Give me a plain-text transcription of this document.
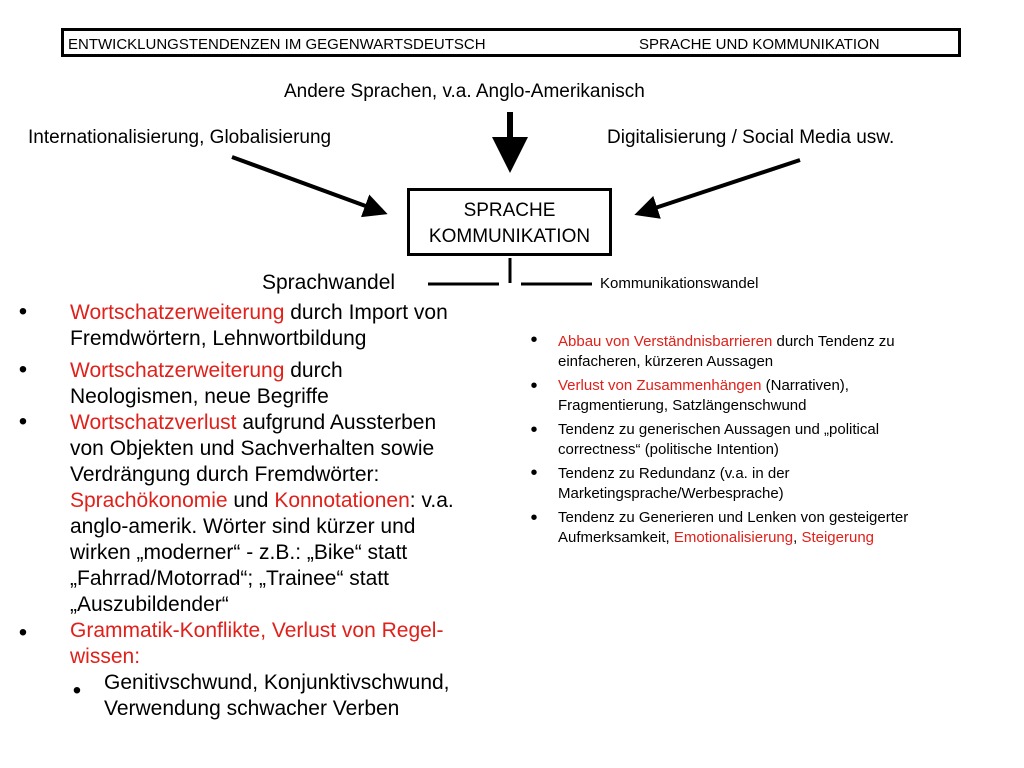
ENTWICKLUNGSTENDENZEN IM GEGENWARTSDEUTSCH	SPRACHE UND KOMMUNIKATION
Andere Sprachen, v.a. Anglo-Amerikanisch
Internationalisierung, Globalisierung	Digitalisierung / Social Media usw.
SPRACHE
KOMMUNIKATION
Sprachwandel
•
•
•
•
•
Wortschatzerweiterung durch Import von
Fremdwörtern, Lehnwortbildung
Wortschatzerweiterung durch
Neologismen, neue Begriffe
Wortschatzverlust aufgrund Aussterben
von Objekten und Sachverhalten sowie
Verdrängung durch Fremdwörter:
Sprachökonomie und Konnotationen: v.a.
anglo-amerik. Wörter sind kürzer und
wirken „moderner“ - z.B.: „Bike“ statt
„Fahrrad/Motorrad“; „Trainee“ statt
„Auszubildender“
Grammatik-Konflikte, Verlust von Regel-
wissen:
Genitivschwund, Konjunktivschwund,
Verwendung schwacher Verben
Kommunikationswandel
•
•
•
•
•
Abbau von Verständnisbarrieren durch Tendenz zu
einfacheren, kürzeren Aussagen
Verlust von Zusammenhängen (Narrativen),
Fragmentierung, Satzlängenschwund
Tendenz zu generischen Aussagen und „political
correctness“ (politische Intention)
Tendenz zu Redundanz (v.a. in der
Marketingsprache/Werbesprache)
Tendenz zu Generieren und Lenken von gesteigerter
Aufmerksamkeit, Emotionalisierung, Steigerung
